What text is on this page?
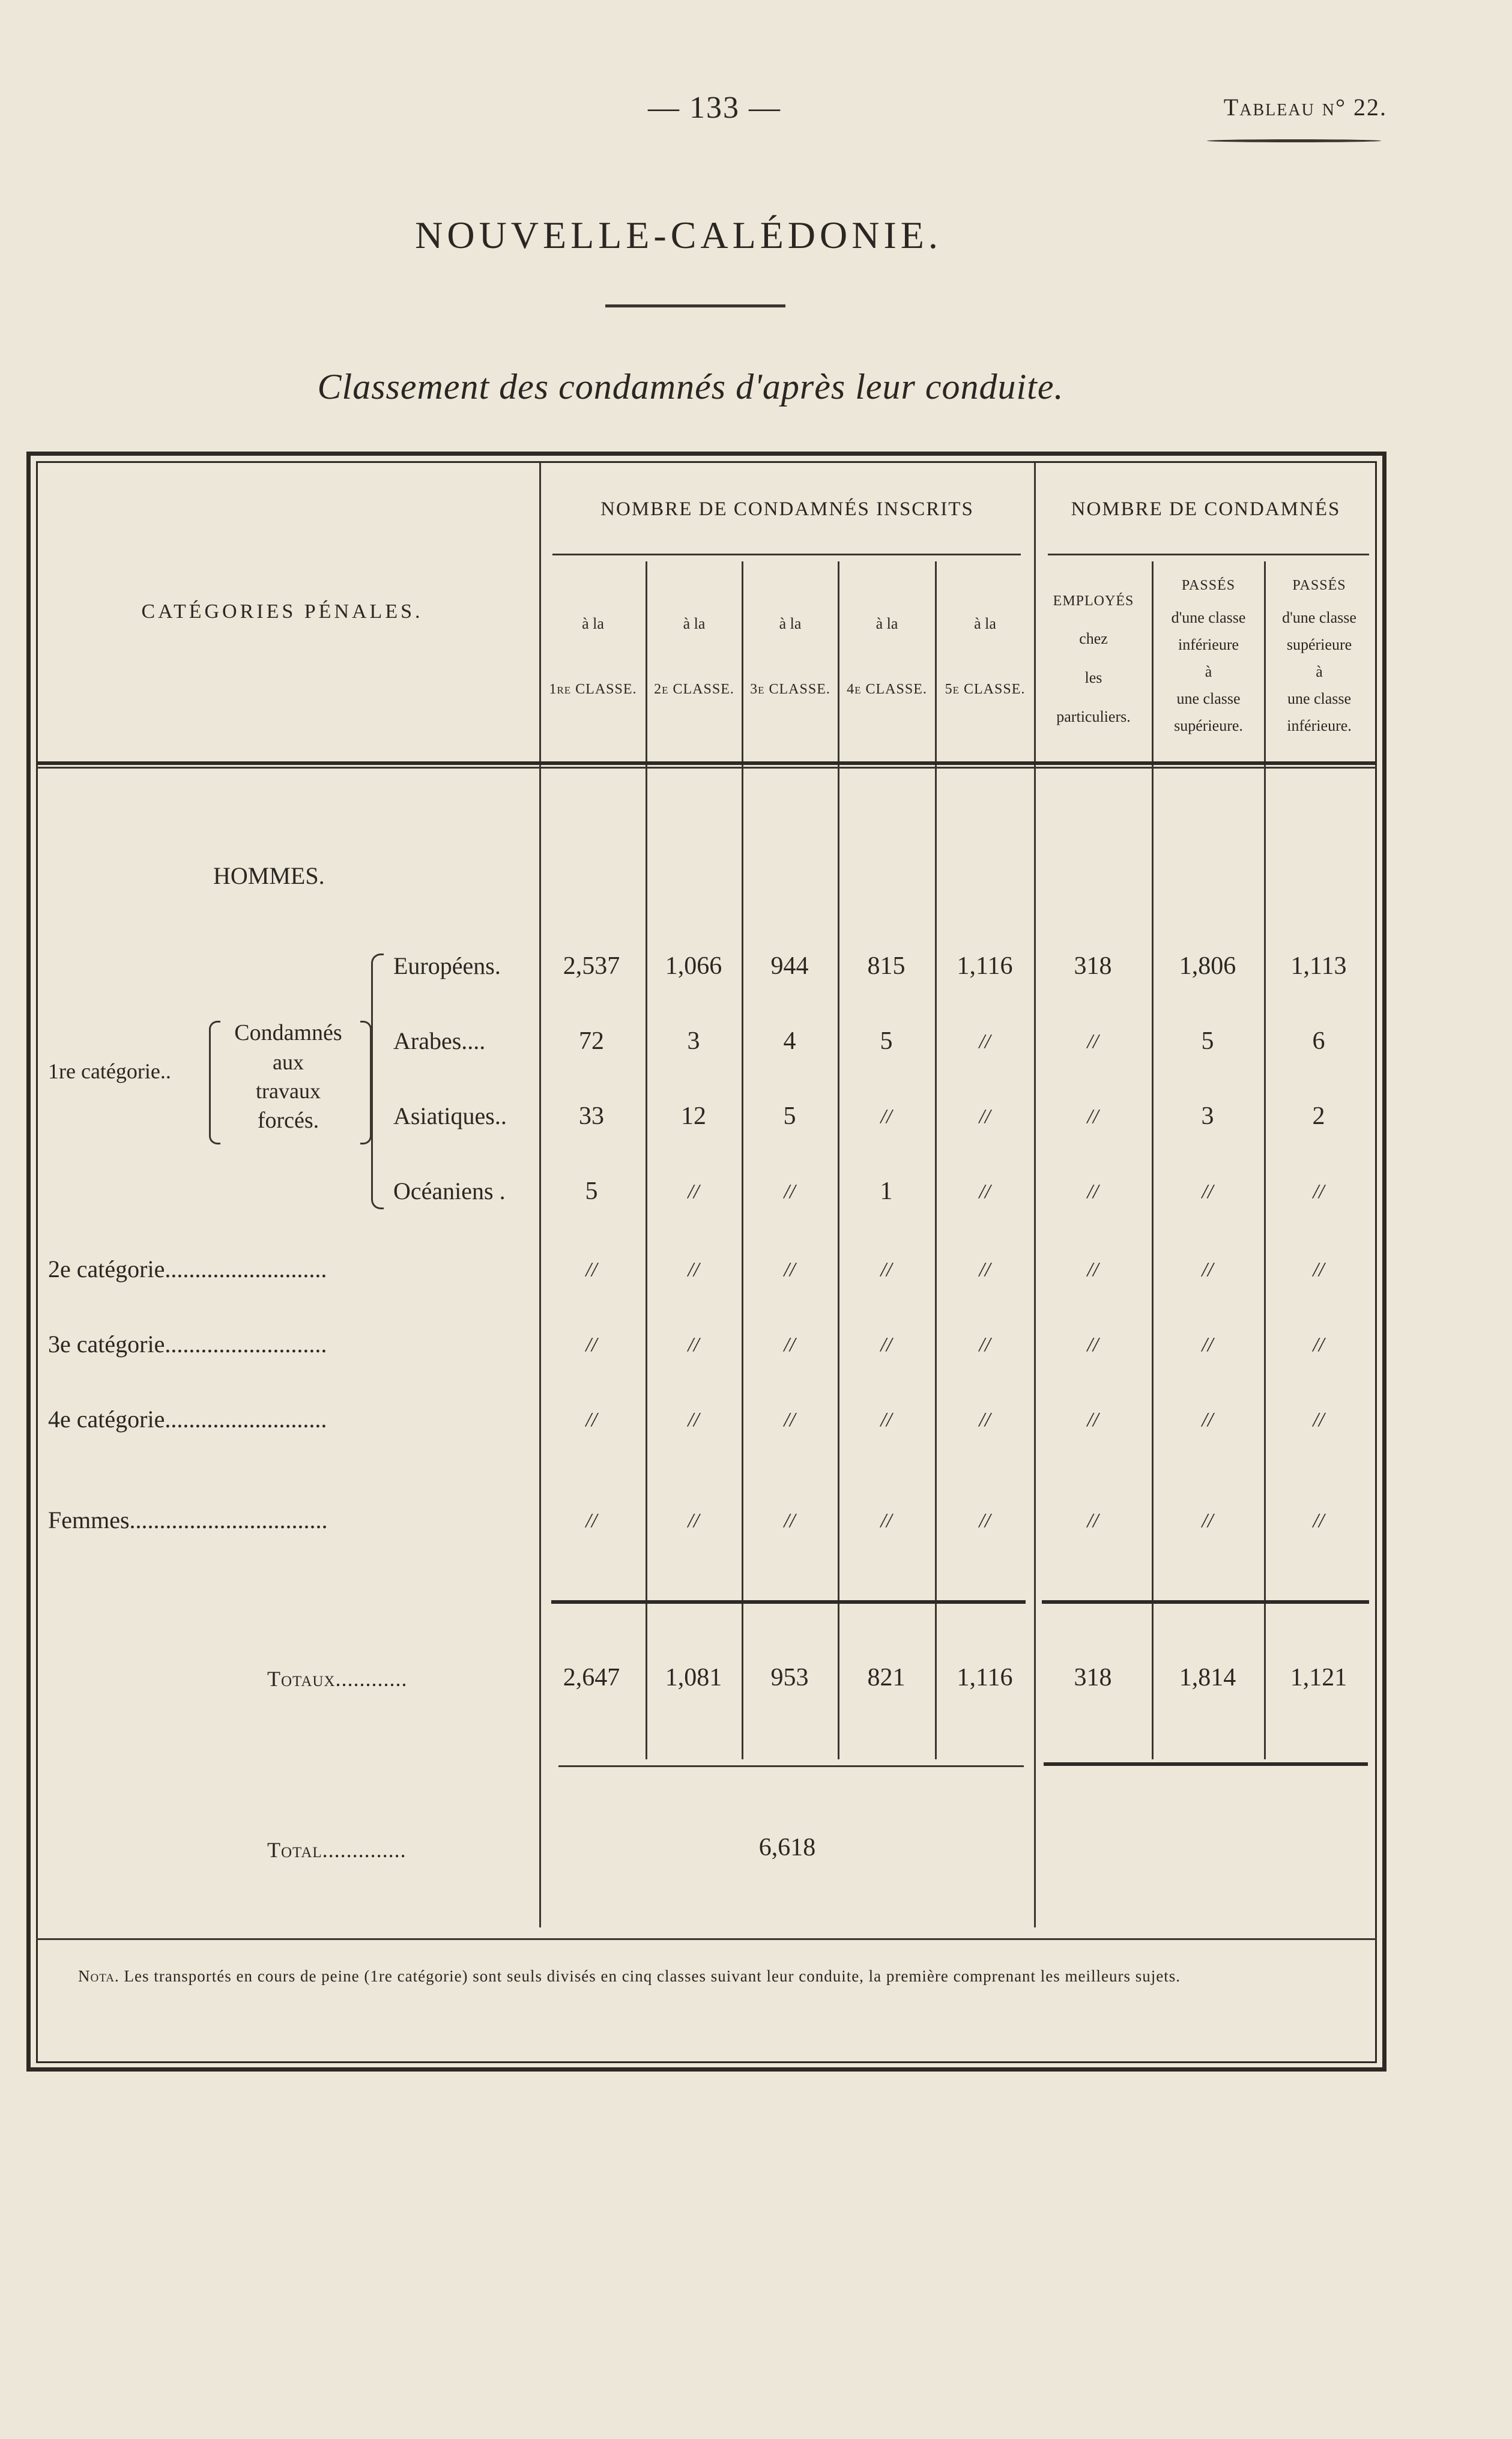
— 133 —	Tableau n° 22.
NOUVELLE-CALÉDONIE.
Classement des condamnés d'après leur conduite.
CATÉGORIES PÉNALES.
NOMBRE DE CONDAMNÉS INSCRITS	NOMBRE DE CONDAMNÉS
à la
1re CLASSE.
à la
2e CLASSE.
à la
3e CLASSE.
à la
4e CLASSE.
à la
5e CLASSE.
EMPLOYÉS
chez
les
particuliers.
PASSÉS
d'une classe
inférieure
à
une classe
supérieure.
PASSÉS
d'une classe
supérieure
à
une classe
inférieure.
HOMMES.
1re catégorie..
Condamnés
aux
travaux
forcés.
Européens.	2,537	1,066	944	815	1,116	318	1,806	1,113
Arabes....	72	3	4	5	//	//	5	6
Asiatiques..	33	12	5	//	//	//	3	2
Océaniens .	5	//	//	1	//	//	//	//
2e catégorie...........................	//	//	//	//	//	//	//	//
3e catégorie...........................	//	//	//	//	//	//	//	//
4e catégorie...........................	//	//	//	//	//	//	//	//
Femmes.................................	//	//	//	//	//	//	//	//
Totaux............	2,647	1,081	953	821	1,116	318	1,814	1,121
Total..............	6,618
Nota. Les transportés en cours de peine (1re catégorie) sont seuls divisés en cinq classes suivant leur conduite, la première comprenant les meilleurs sujets.
